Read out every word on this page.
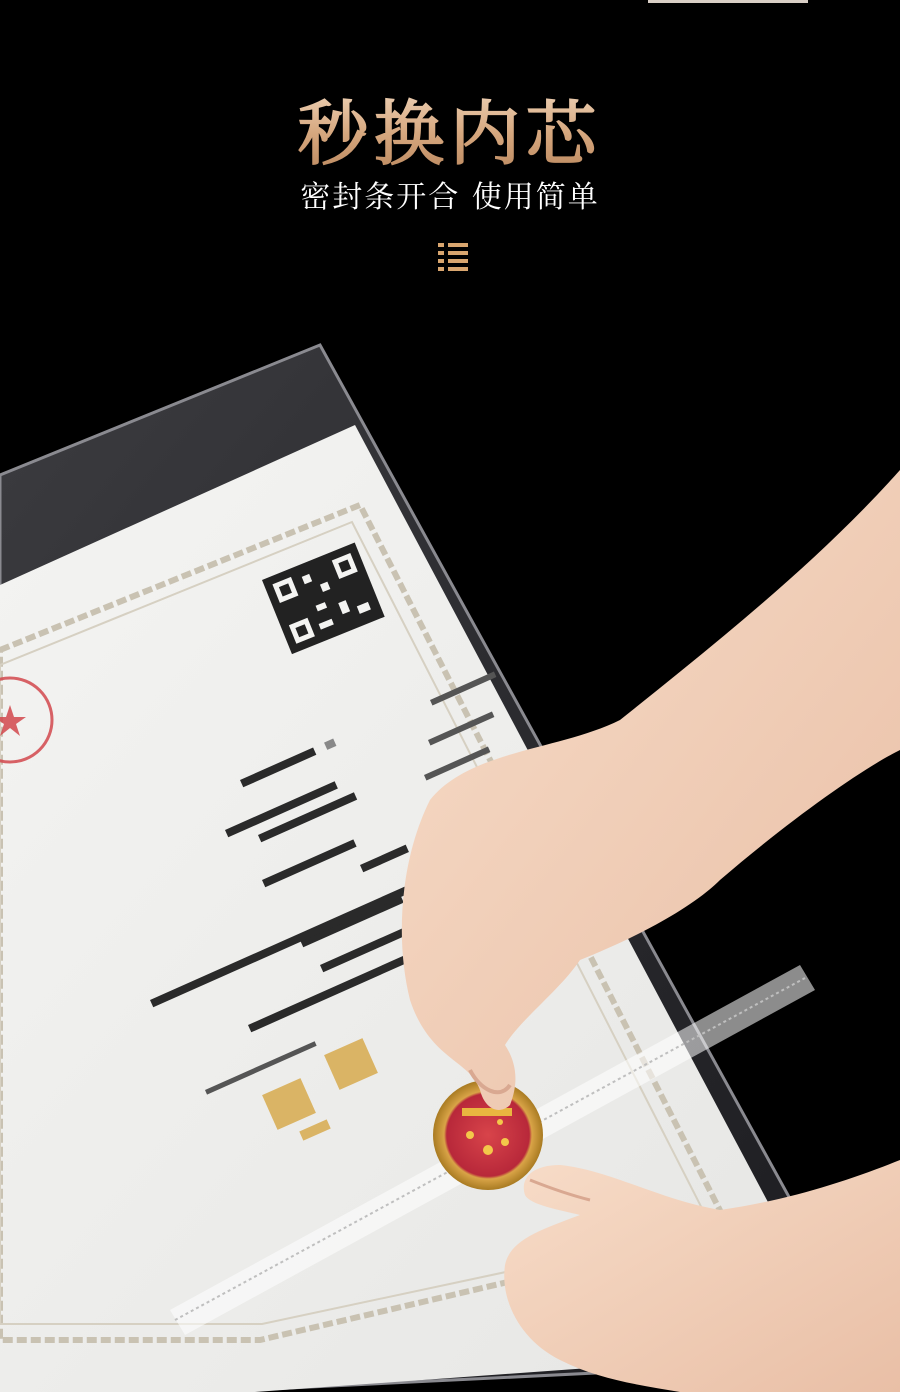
秒换内芯
密封条开合 使用简单
